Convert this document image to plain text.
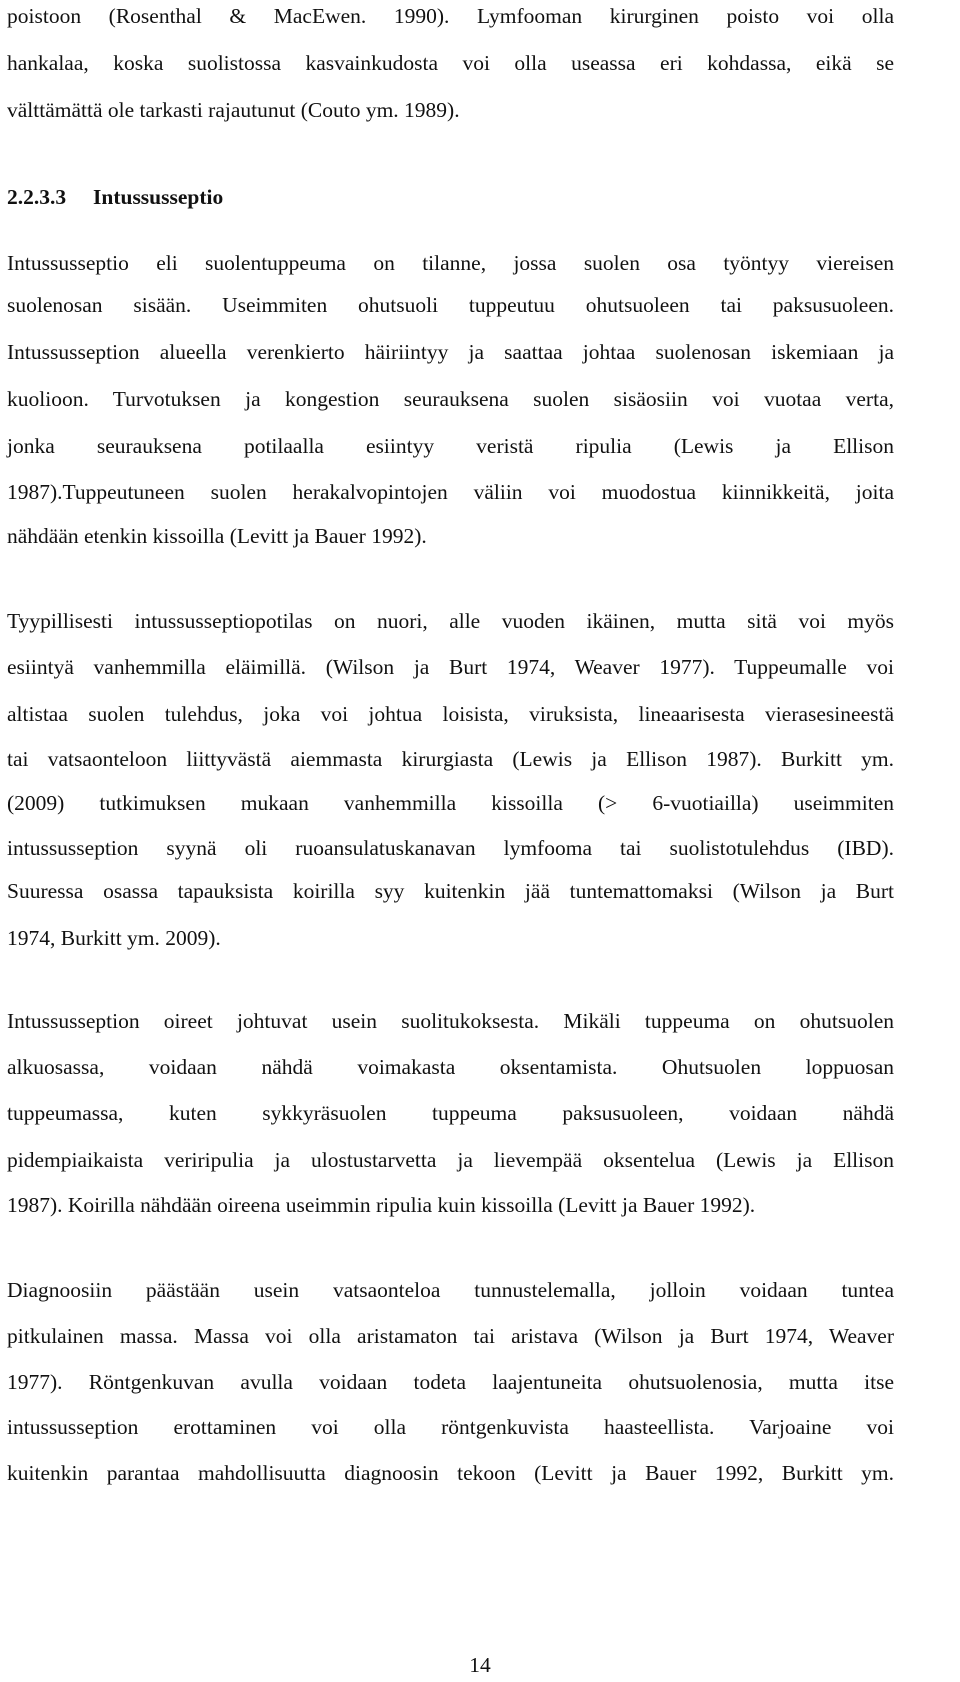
poistoon (Rosenthal & MacEwen. 1990). Lymfooman kirurginen poisto voi olla
hankalaa, koska suolistossa kasvainkudosta voi olla useassa eri kohdassa, eikä se
välttämättä ole tarkasti rajautunut (Couto ym. 1989).
2.2.3.3 Intussusseptio
Intussusseptio eli suolentuppeuma on tilanne, jossa suolen osa työntyy viereisen
suolenosan sisään. Useimmiten ohutsuoli tuppeutuu ohutsuoleen tai paksusuoleen.
Intussusseption alueella verenkierto häiriintyy ja saattaa johtaa suolenosan iskemiaan ja
kuolioon. Turvotuksen ja kongestion seurauksena suolen sisäosiin voi vuotaa verta,
jonka seurauksena potilaalla esiintyy veristä ripulia (Lewis ja Ellison
1987).Tuppeutuneen suolen herakalvopintojen väliin voi muodostua kiinnikkeitä, joita
nähdään etenkin kissoilla (Levitt ja Bauer 1992).
Tyypillisesti intussusseptiopotilas on nuori, alle vuoden ikäinen, mutta sitä voi myös
esiintyä vanhemmilla eläimillä. (Wilson ja Burt 1974, Weaver 1977). Tuppeumalle voi
altistaa suolen tulehdus, joka voi johtua loisista, viruksista, lineaarisesta vierasesineestä
tai vatsaonteloon liittyvästä aiemmasta kirurgiasta (Lewis ja Ellison 1987). Burkitt ym.
(2009) tutkimuksen mukaan vanhemmilla kissoilla (> 6-vuotiailla) useimmiten
intussusseption syynä oli ruoansulatuskanavan lymfooma tai suolistotulehdus (IBD).
Suuressa osassa tapauksista koirilla syy kuitenkin jää tuntemattomaksi (Wilson ja Burt
1974, Burkitt ym. 2009).
Intussusseption oireet johtuvat usein suolitukoksesta. Mikäli tuppeuma on ohutsuolen
alkuosassa, voidaan nähdä voimakasta oksentamista. Ohutsuolen loppuosan
tuppeumassa, kuten sykkyräsuolen tuppeuma paksusuoleen, voidaan nähdä
pidempiaikaista veriripulia ja ulostustarvetta ja lievempää oksentelua (Lewis ja Ellison
1987). Koirilla nähdään oireena useimmin ripulia kuin kissoilla (Levitt ja Bauer 1992).
Diagnoosiin päästään usein vatsaonteloa tunnustelemalla, jolloin voidaan tuntea
pitkulainen massa. Massa voi olla aristamaton tai aristava (Wilson ja Burt 1974, Weaver
1977). Röntgenkuvan avulla voidaan todeta laajentuneita ohutsuolenosia, mutta itse
intussusseption erottaminen voi olla röntgenkuvista haasteellista. Varjoaine voi
kuitenkin parantaa mahdollisuutta diagnoosin tekoon (Levitt ja Bauer 1992, Burkitt ym.
14
